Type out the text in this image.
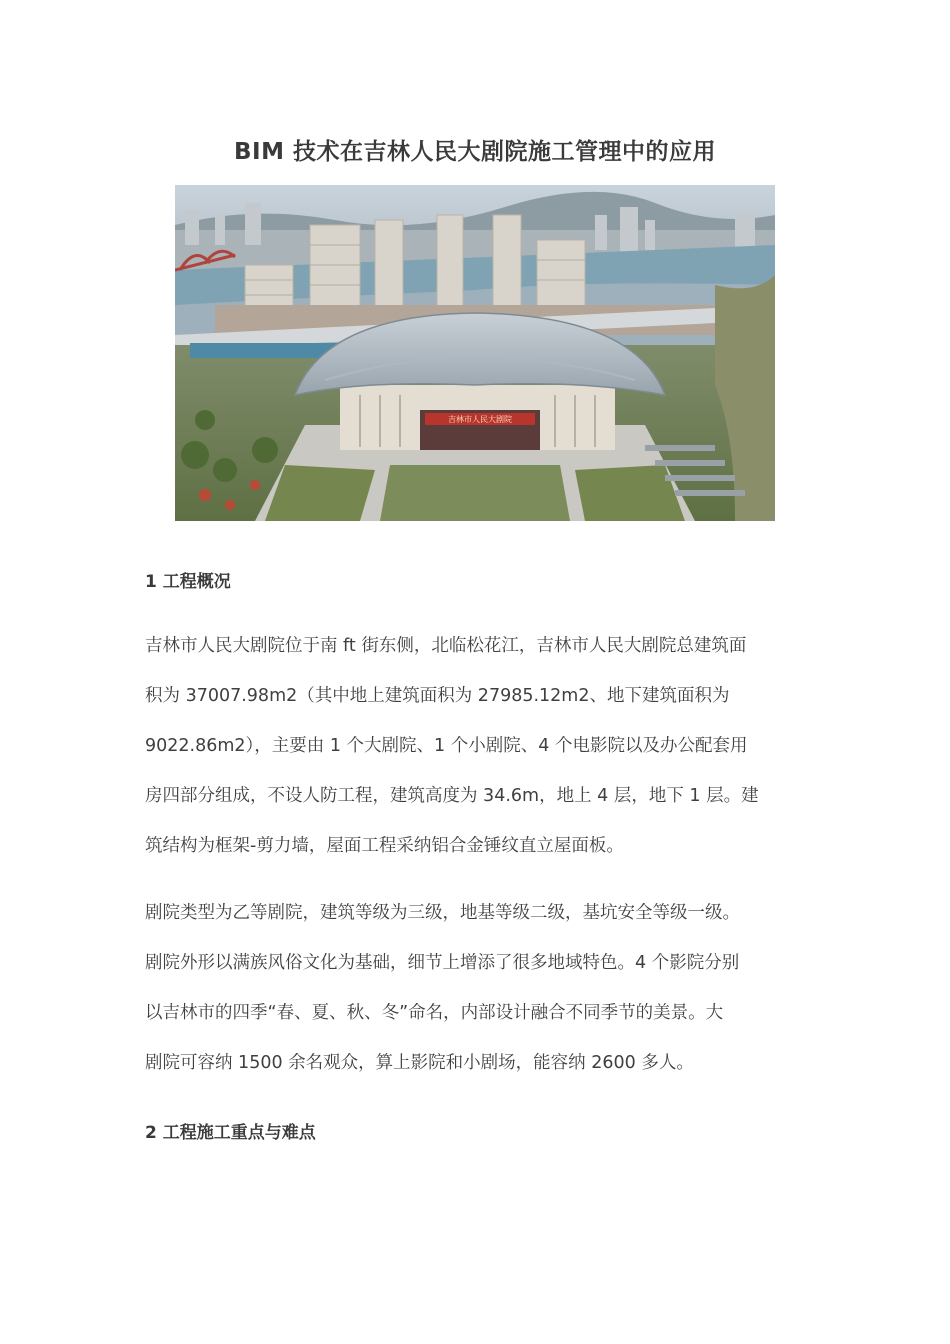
BIM 技术在吉林人民大剧院施工管理中的应用
吉林市人民大剧院
1 工程概况
吉林市人民大剧院位于南 ft 街东侧，北临松花江，吉林市人民大剧院总建筑面
积为 37007.98m2（其中地上建筑面积为 27985.12m2、地下建筑面积为
9022.86m2），主要由 1 个大剧院、1 个小剧院、4 个电影院以及办公配套用
房四部分组成，不设人防工程，建筑高度为 34.6m，地上 4 层，地下 1 层。建
筑结构为框架-剪力墙，屋面工程采纳铝合金锤纹直立屋面板。
剧院类型为乙等剧院，建筑等级为三级，地基等级二级，基坑安全等级一级。
剧院外形以满族风俗文化为基础，细节上增添了很多地域特色。4 个影院分别
以吉林市的四季“春、夏、秋、冬”命名，内部设计融合不同季节的美景。大
剧院可容纳 1500 余名观众，算上影院和小剧场，能容纳 2600 多人。
2 工程施工重点与难点
